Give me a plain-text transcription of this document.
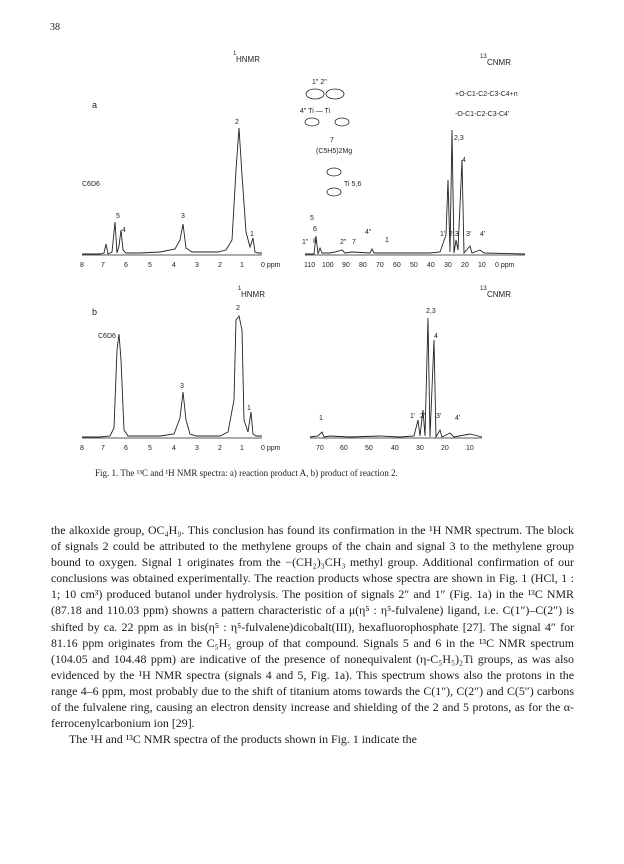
38
a
1
HNMR
C6D6
5
4
3
2
1
8 7	6	5	4	3	2	1 0 ppm
1" 2"
4" Ti — Ti
7
(C5H5)2Mg
Ti 5,6
+O-C1-C2-C3-C4+n
-O-C1-C2-C3-C4'
13
CNMR
5
6
1" 8	2" 7
4"
1
1' 2,3 3' 4'
4
2,3
110 100 90 80 70 60 50 40 30 20 10 0 ppm
b
1
HNMR
C6D6
3
2
1
8 7	6	5	4	3	2	1 0 ppm
13
CNMR
1	1' 2' 3' 4'
2,3
4
70 60 50	40 30 20 10
Fig. 1. The ¹³C and ¹H NMR spectra: a) reaction product A, b) product of reaction 2.

the alkoxide group, OC₄H₉. This conclusion has found its confirmation in the ¹H NMR spectrum. The block of signals 2 could be attributed to the methylene groups of the chain and signal 3 to the methylene group bound to oxygen. Signal 1 originates from the −(CH₂)₃CH₃ methyl group. Additional confirmation of our conclusions was obtained experimentally. The reaction products whose spectra are shown in Fig. 1 (HCl, 1 : 1; 10 cm³) produced butanol under hydrolysis. The position of signals 2″ and 1″ (Fig. 1a) in the ¹³C NMR (87.18 and 110.03 ppm) showns a pattern characteristic of a μ(η⁵ : η⁵-fulvalene) ligand, i.e. C(1″)–C(2″) is shifted by ca. 22 ppm as in bis(η⁵ : η⁵-fulvalene)dicobalt(III), hexafluorophosphate [27]. The signal 4″ for 81.16 ppm originates from the C₅H₅ group of that compound. Signals 5 and 6 in the ¹³C NMR spectrum (104.05 and 104.48 ppm) are indicative of the presence of nonequivalent (η-C₅H₅)₂Ti groups, as was also evidenced by the ¹H NMR spectra (signals 4 and 5, Fig. 1a). This spectrum shows also the protons in the range 4–6 ppm, most probably due to the shift of titanium atoms towards the C(1″), C(2″) and C(5″) carbons of the fulvalene ring, causing an electron density increase and shielding of the 2 and 5 protons, as for the α-ferrocenylcarbonium ion [29].

The ¹H and ¹³C NMR spectra of the products shown in Fig. 1 indicate the
